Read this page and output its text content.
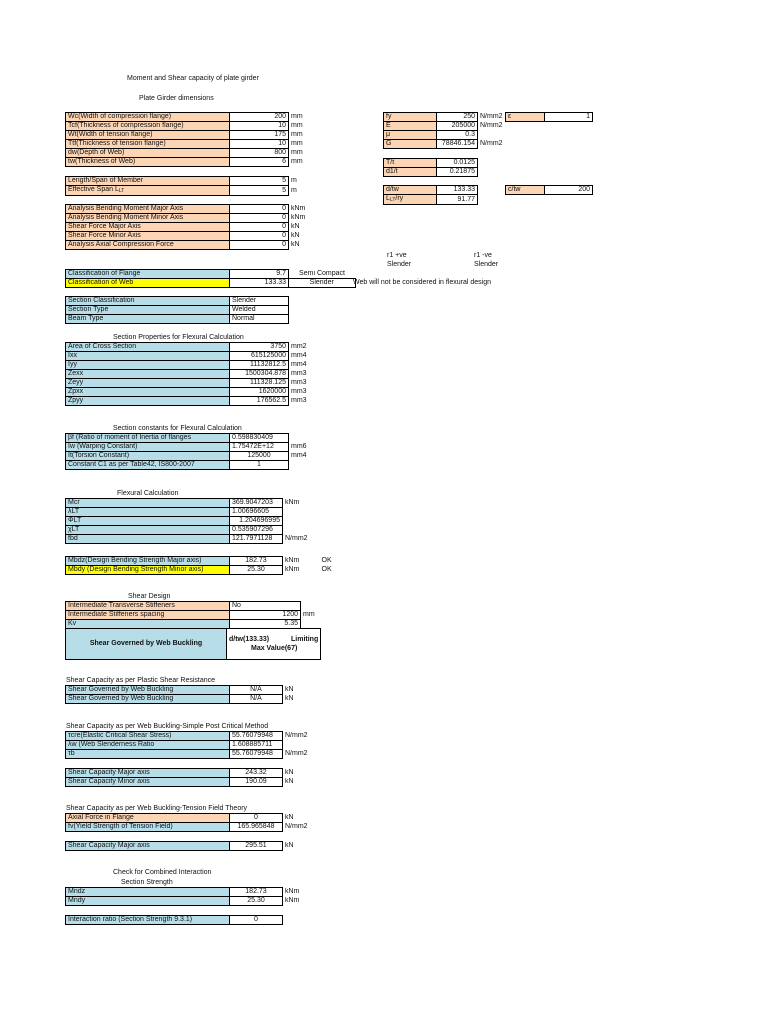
Moment and Shear capacity of plate girder
Plate Girder dimensions
Wc(Width of compression flange)	200	mm
Tcf(Thickness of compression flange)	10	mm
Wt(Width of tension flange)	175	mm
Ttf(Thickness of tension flange)	10	mm
dw(Depth of Web)	800	mm
tw(Thickness of Web)	6	mm
fy	250	N/mm2
E	205000	N/mm2
μ	0.3	
G	78846.154	N/mm2
ε	1
T/t	0.0125
d1/t	0.21875
d/tw	133.33
$L_{LT}/ry$	91.77
c/tw	200
Length/Span of Member	5	m
Effective Span $L_{LT}$	5	m
Analysis Bending Moment Major Axis	0	kNm
Analysis Bending Moment Minor Axis	0	kNm
Shear Force Major Axis	0	kN
Shear Force Minor Axis	0	kN
Analysis Axial Compression Force	0	kN
r1 +ve
Slender
r1 -ve
Slender
Classification of Flange	9.7	Semi Compact
Classification of Web	133.33	Slender	Web will not be considered in flexural design
Section Classification	Slender
Section Type	Welded
Beam Type	Normal
Section Properties for Flexural Calculation
Area of Cross Section	3750	mm2
Ixx	615125000	mm4
Iyy	11132812.5	mm4
Zexx	1500304.878	mm3
Zeyy	111328.125	mm3
Zpxx	1620000	mm3
Zpyy	176562.5	mm3
Section constants for Flexural Calculation
βf (Ratio of moment of Inertia of flanges	0.598830409	
Iw (Warping Constant)	1.75472E+12	mm6
It(Torsion Constant)	125000	mm4
Constant C1 as per Table42, IS800-2007	1	
Flexural Calculation
Mcr	369.9047203	kNm
λLT	1.00696605	
ΦLT	1.204696995	
χLT	0.535907296	
fbd	121.7971128	N/mm2
Mbdz(Design Bending Strength Major axis)	182.73	kNm	OK
Mbdy (Design Bending Strength Minor axis)	25.30	kNm	OK
Shear Design
Intermediate Transverse Stiffeners	No	
Intermediate Stiffeners spacing	1200	mm
Kv	5.35	
Shear Governed by Web Buckling
d/tw(133.33)	Limiting
Max Value(67)
Shear Capacity as per Plastic Shear Resistance
Shear Governed by Web Buckling	N/A	kN
Shear Governed by Web Buckling	N/A	kN
Shear Capacity as per Web Buckling-Simple Post Critical Method
τcre(Elastic Critical Shear Stress)	55.76079948	N/mm2
λw (Web Slenderness Ratio	1.608885711	
τb	55.76079948	N/mm2
Shear Capacity Major axis	243.32	kN
Shear Capacity Minor axis	190.09	kN
Shear Capacity as per Web Buckling-Tension Field Theory
Axial Force in Flange	0	kN
fv(Yield Strength of Tension Field)	165.965848	N/mm2
Shear Capacity Major axis	295.51	kN
Check for Combined Interaction
Section Strength
Mndz	182.73	kNm
Mndy	25.30	kNm
Interaction ratio (Section Strength 9.3.1)	0
